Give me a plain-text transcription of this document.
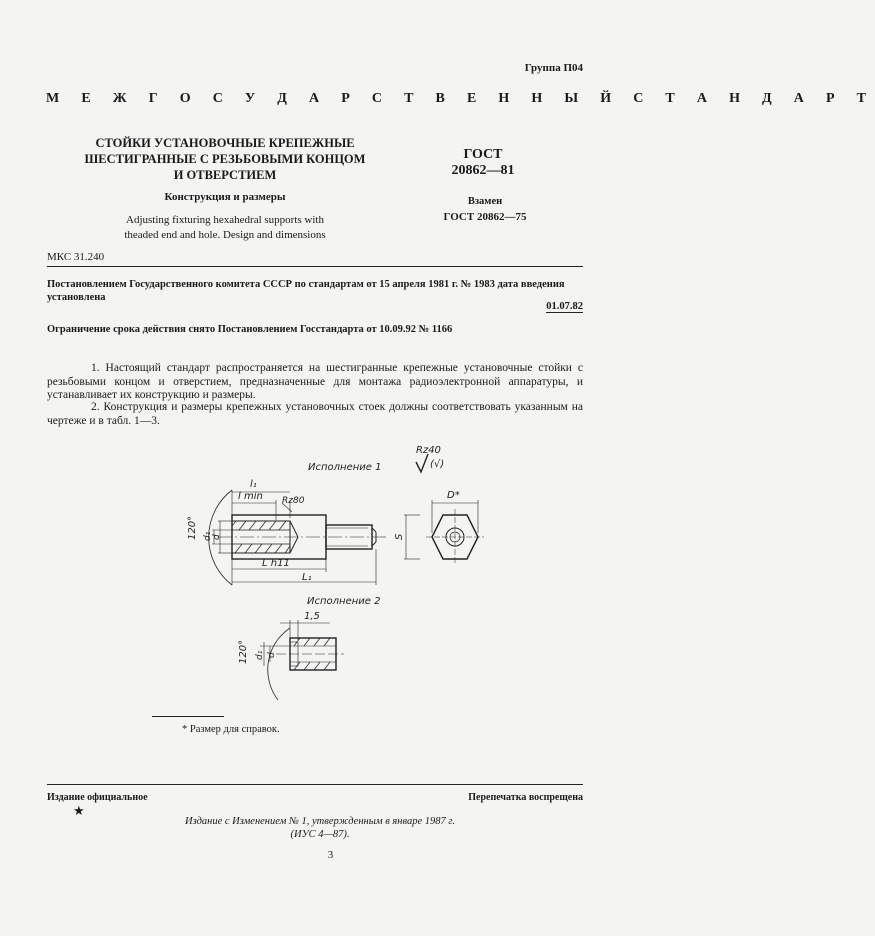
Группа П04
М Е Ж Г О С У Д А Р С Т В Е Н Н Ы Й С Т А Н Д А Р Т
СТОЙКИ УСТАНОВОЧНЫЕ КРЕПЕЖНЫЕ
ШЕСТИГРАННЫЕ С РЕЗЬБОВЫМИ КОНЦОМ
И ОТВЕРСТИЕМ
Конструкция и размеры
Adjusting fixturing hexahedral supports with
theaded end and hole. Design and dimensions
ГОСТ
20862—81
Взамен
ГОСТ 20862—75
МКС 31.240
Постановлением Государственного комитета СССР по стандартам от 15 апреля 1981 г. № 1983 дата введения установлена
01.07.82
Ограничение срока действия снято Постановлением Госстандарта от 10.09.92 № 1166
1. Настоящий стандарт распространяется на шестигранные крепежные установочные стойки с резьбовыми концом и отверстием, предназначенные для монтажа радиоэлектронной аппаратуры, и устанавливает их конструкцию и размеры.
2. Конструкция и размеры крепежных установочных стоек должны соответствовать указанным на чертеже и в табл. 1—3.
Исполнение 1
Rz40
(√)
l₁
l min Rz80
L h11
L₁
120° d₁ d	S
D*
Исполнение 2
1,5
120° d₁ d
* Размер для справок.
Издание официальное
★
Перепечатка воспрещена
Издание с Изменением № 1, утвержденным в январе 1987 г.
(ИУС 4—87).
3
